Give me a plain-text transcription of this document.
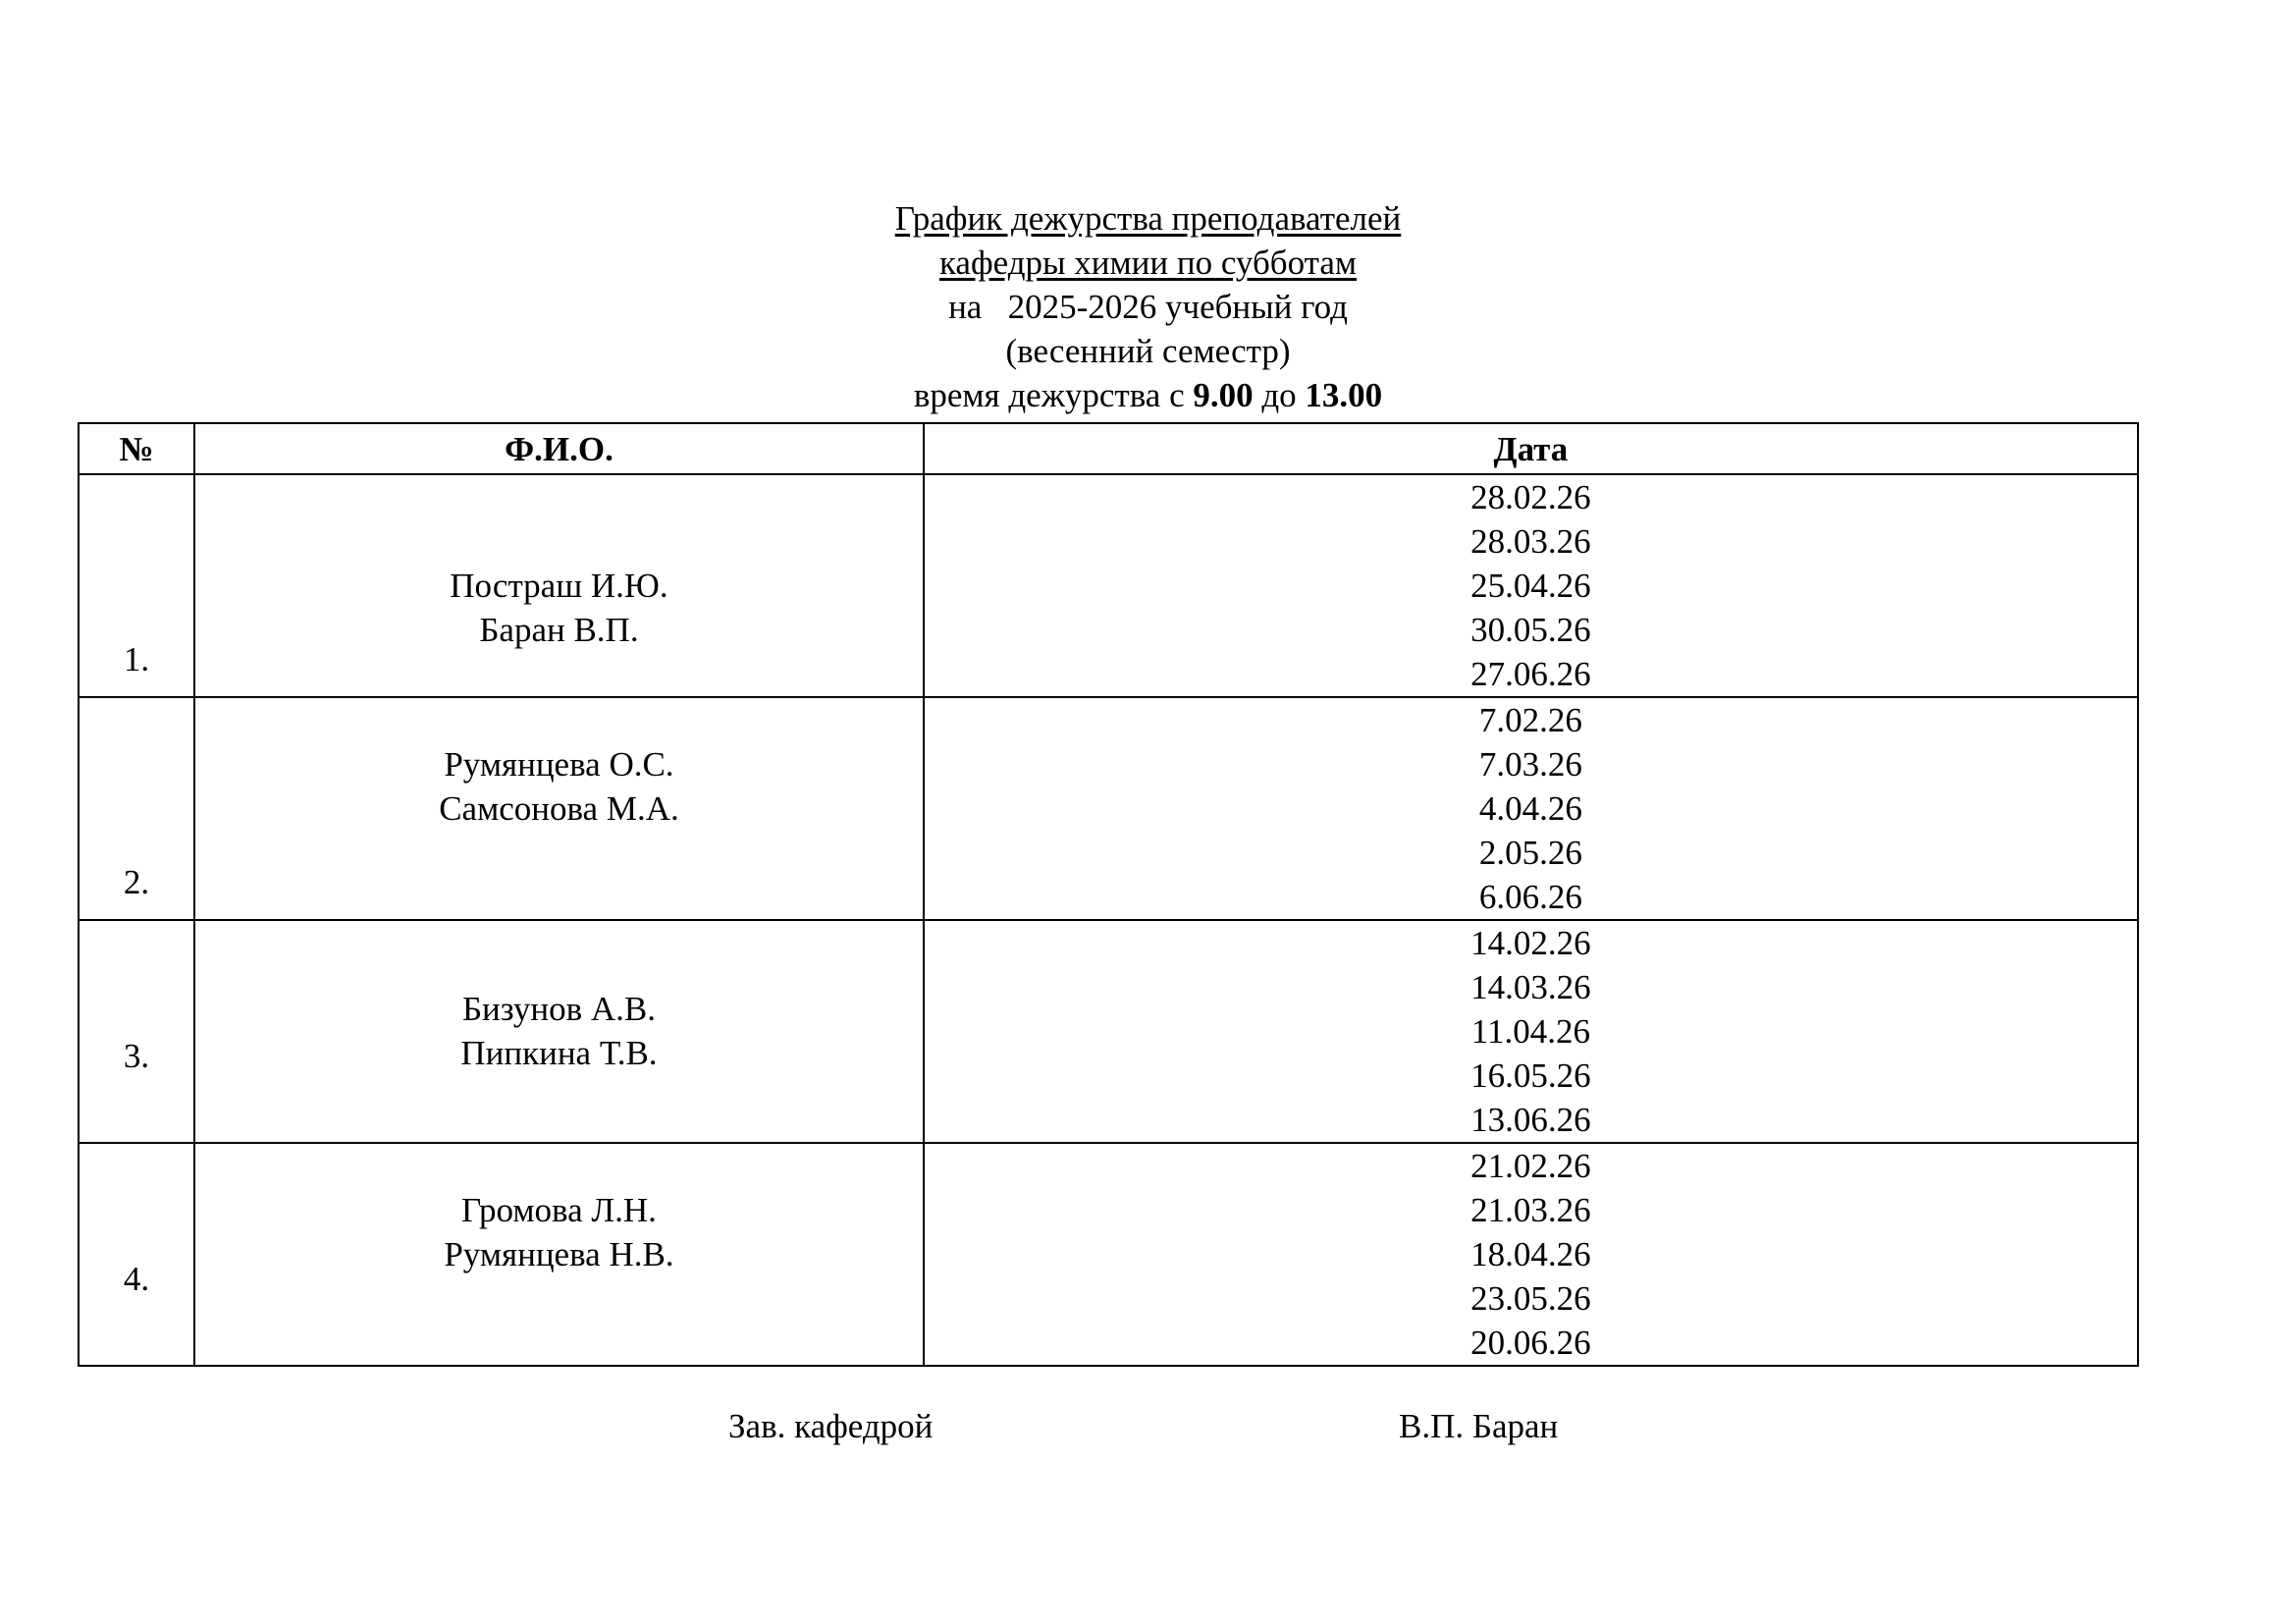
График дежурства преподавателей
кафедры химии по субботам
на   2025-2026 учебный год
(весенний семестр)
время дежурства с 9.00 до 13.00
№	Ф.И.О.	Дата

1.	Постраш И.Ю.
Баран В.П.	28.02.26
28.03.26
25.04.26
30.05.26
27.06.26

2.	Румянцева О.С.
Самсонова М.А.	7.02.26
7.03.26
4.04.26
2.05.26
6.06.26

3.	Бизунов А.В.
Пипкина Т.В.	14.02.26
14.03.26
11.04.26
16.05.26
13.06.26

4.	Громова Л.Н.
Румянцева Н.В.	21.02.26
21.03.26
18.04.26
23.05.26
20.06.26
Зав. кафедрой	В.П. Баран
